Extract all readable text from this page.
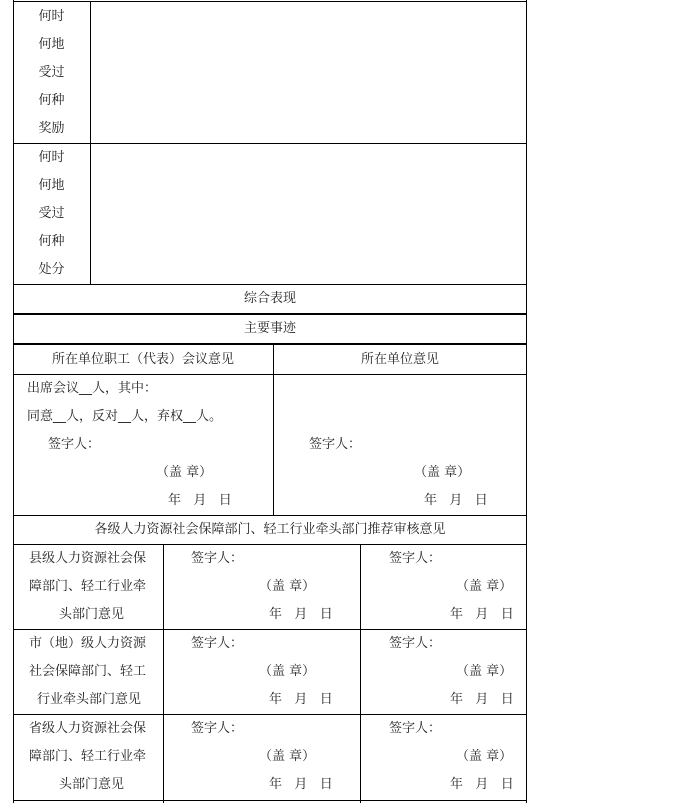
何时
何地
受过
何种
奖励
何时
何地
受过
何种
处分
综合表现
主要事迹
所在单位职工（代表）会议意见
出席会议__人，其中：
同意__人，反对__人，弃权__人。
签字人：
（盖 章）
年   月   日
所在单位意见
签字人：
（盖 章）
年   月   日
各级人力资源社会保障部门、轻工行业牵头部门推荐审核意见
县级人力资源社会保
障部门、轻工行业牵
头部门意见
签字人：
（盖 章）
年   月   日
签字人：
（盖 章）
年   月   日
市（地）级人力资源
社会保障部门、轻工
行业牵头部门意见
签字人：
（盖 章）
年   月   日
签字人：
（盖 章）
年   月   日
省级人力资源社会保
障部门、轻工行业牵
头部门意见
签字人：
（盖 章）
年   月   日
签字人：
（盖 章）
年   月   日
